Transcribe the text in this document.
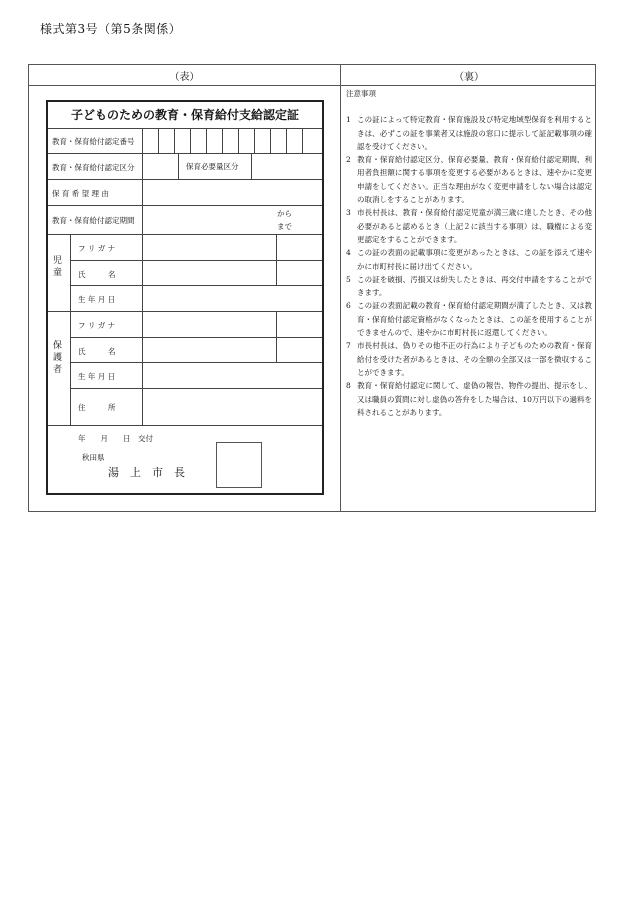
様式第3号（第5条関係）
（表）	（裏）
子どものための教育・保育給付支給認定証
教育・保育給付認定番号
教育・保育給付認定区分	保育必要量区分
保 育 希 望 理 由
教育・保育給付認定期間
から
まで
児童
フ リ ガ ナ
氏　　　名
生 年 月 日
保護者
フ リ ガ ナ
氏　　　名
生 年 月 日
住　　　所
年　　月　　日　交付
秋田県
湯　上　市　長
注意事項

1 この証によって特定教育・保育施設及び特定地域型保育を利用するときは、必ずこの証を事業者又は施設の窓口に提示して証記載事項の確認を受けてください。

2 教育・保育給付認定区分、保育必要量、教育・保育給付認定期間、利用者負担額に関する事項を変更する必要があるときは、速やかに変更申請をしてください。正当な理由がなく変更申請をしない場合は認定の取消しをすることがあります。

3 市長村長は、教育・保育給付認定児童が満三歳に達したとき、その他必要があると認めるとき（上記２に該当する事項）は、職権による変更認定をすることができます。

4 この証の表面の記載事項に変更があったときは、この証を添えて速やかに市町村長に届け出てください。

5 この証を破損、汚損又は紛失したときは、再交付申請をすることができます。

6 この証の表面記載の教育・保育給付認定期間が満了したとき、又は教育・保育給付認定資格がなくなったときは、この証を使用することができませんので、速やかに市町村長に返還してください。

7 市長村長は、偽りその他不正の行為により子どものための教育・保育給付を受けた者があるときは、その全額の全部又は一部を徴収することができます。

8 教育・保育給付認定に関して、虚偽の報告、物件の提出、提示をし、又は職員の質問に対し虚偽の答弁をした場合は、10万円以下の過料を科されることがあります。
